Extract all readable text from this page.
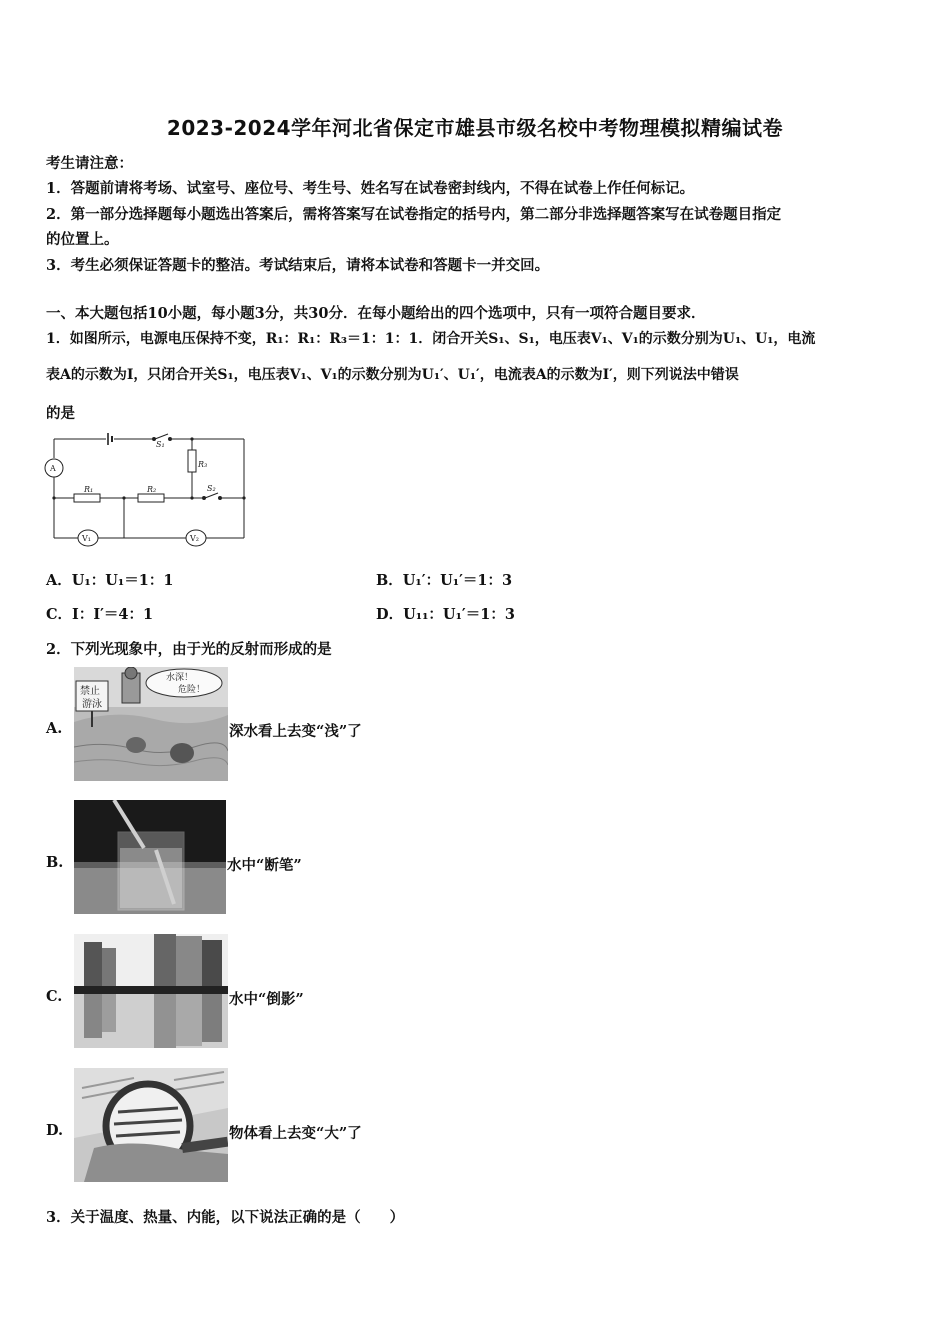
2023-2024学年河北省保定市雄县市级名校中考物理模拟精编试卷
考生请注意：
1．答题前请将考场、试室号、座位号、考生号、姓名写在试卷密封线内，不得在试卷上作任何标记。
2．第一部分选择题每小题选出答案后，需将答案写在试卷指定的括号内，第二部分非选择题答案写在试卷题目指定
的位置上。
3．考生必须保证答题卡的整洁。考试结束后，请将本试卷和答题卡一并交回。
一、本大题包括10小题，每小题3分，共30分．在每小题给出的四个选项中，只有一项符合题目要求．
1．如图所示，电源电压保持不变，R₁：R₁：R₃＝1：1：1．闭合开关S₁、S₁，电压表V₁、V₁的示数分别为U₁、U₁，电流
表A的示数为I，只闭合开关S₁，电压表V₁、V₁的示数分别为U₁′、U₁′，电流表A的示数为I′，则下列说法中错误
的是
A
S₁
R₃
R₁	R₂	S₂
V₁	V₂
A．U₁：U₁＝1：1	B．U₁′：U₁′＝1：3
C．I：I′＝4：1	D．U₁₁：U₁′＝1：3
2．下列光现象中，由于光的反射而形成的是
A.
禁止
游泳
水深！
危险！
深水看上去变“浅”了
B.	水中“断笔”
C.	水中“倒影”
D.	物体看上去变“大”了
3．关于温度、热量、内能，以下说法正确的是（　　）
